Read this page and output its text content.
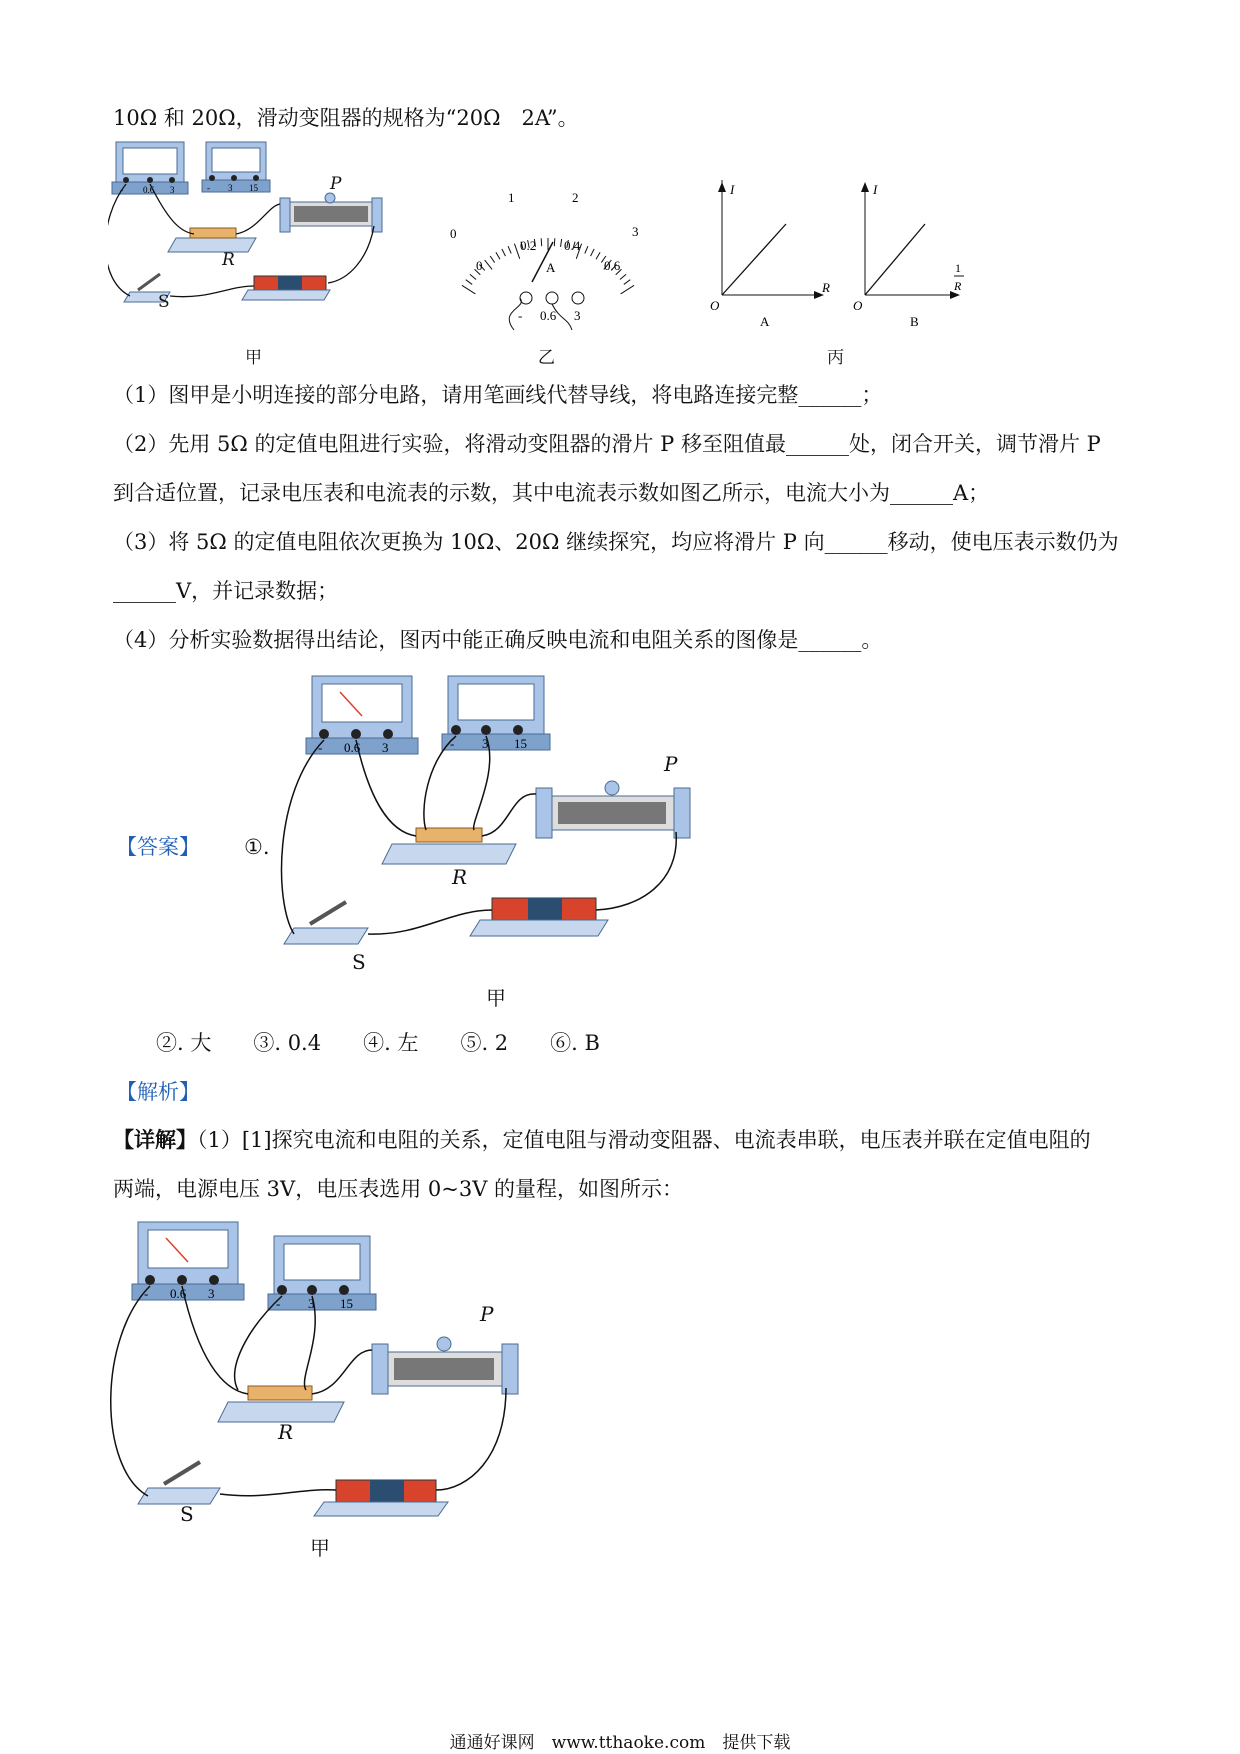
10Ω 和 20Ω，滑动变阻器的规格为“20Ω　2A”。
- 0.6 3	- 3 15
R
S
P
甲
0
1	2
3
0
0.2 0.4
0.6
A
- 0.6 3
乙
I
O
R
A
I
O
1
R
B
丙
（1）图甲是小明连接的部分电路，请用笔画线代替导线，将电路连接完整______；
（2）先用 5Ω 的定值电阻进行实验，将滑动变阻器的滑片 P 移至阻值最______处，闭合开关，调节滑片 P
到合适位置，记录电压表和电流表的示数，其中电流表示数如图乙所示，电流大小为______A；
（3）将 5Ω 的定值电阻依次更换为 10Ω、20Ω 继续探究，均应将滑片 P 向______移动，使电压表示数仍为
______V，并记录数据；
（4）分析实验数据得出结论，图丙中能正确反映电流和电阻关系的图像是______。
【答案】 ①.
- 0.6 3	- 3 15
R
S
P
甲
②. 大　　③. 0.4　　④. 左　　⑤. 2　　⑥. B
【解析】
【详解】（1）[1]探究电流和电阻的关系，定值电阻与滑动变阻器、电流表串联，电压表并联在定值电阻的
两端，电源电压 3V，电压表选用 0~3V 的量程，如图所示：
- 0.6 3
- 3 15
R
S
P
甲
通通好课网　www.tthaoke.com　提供下载
